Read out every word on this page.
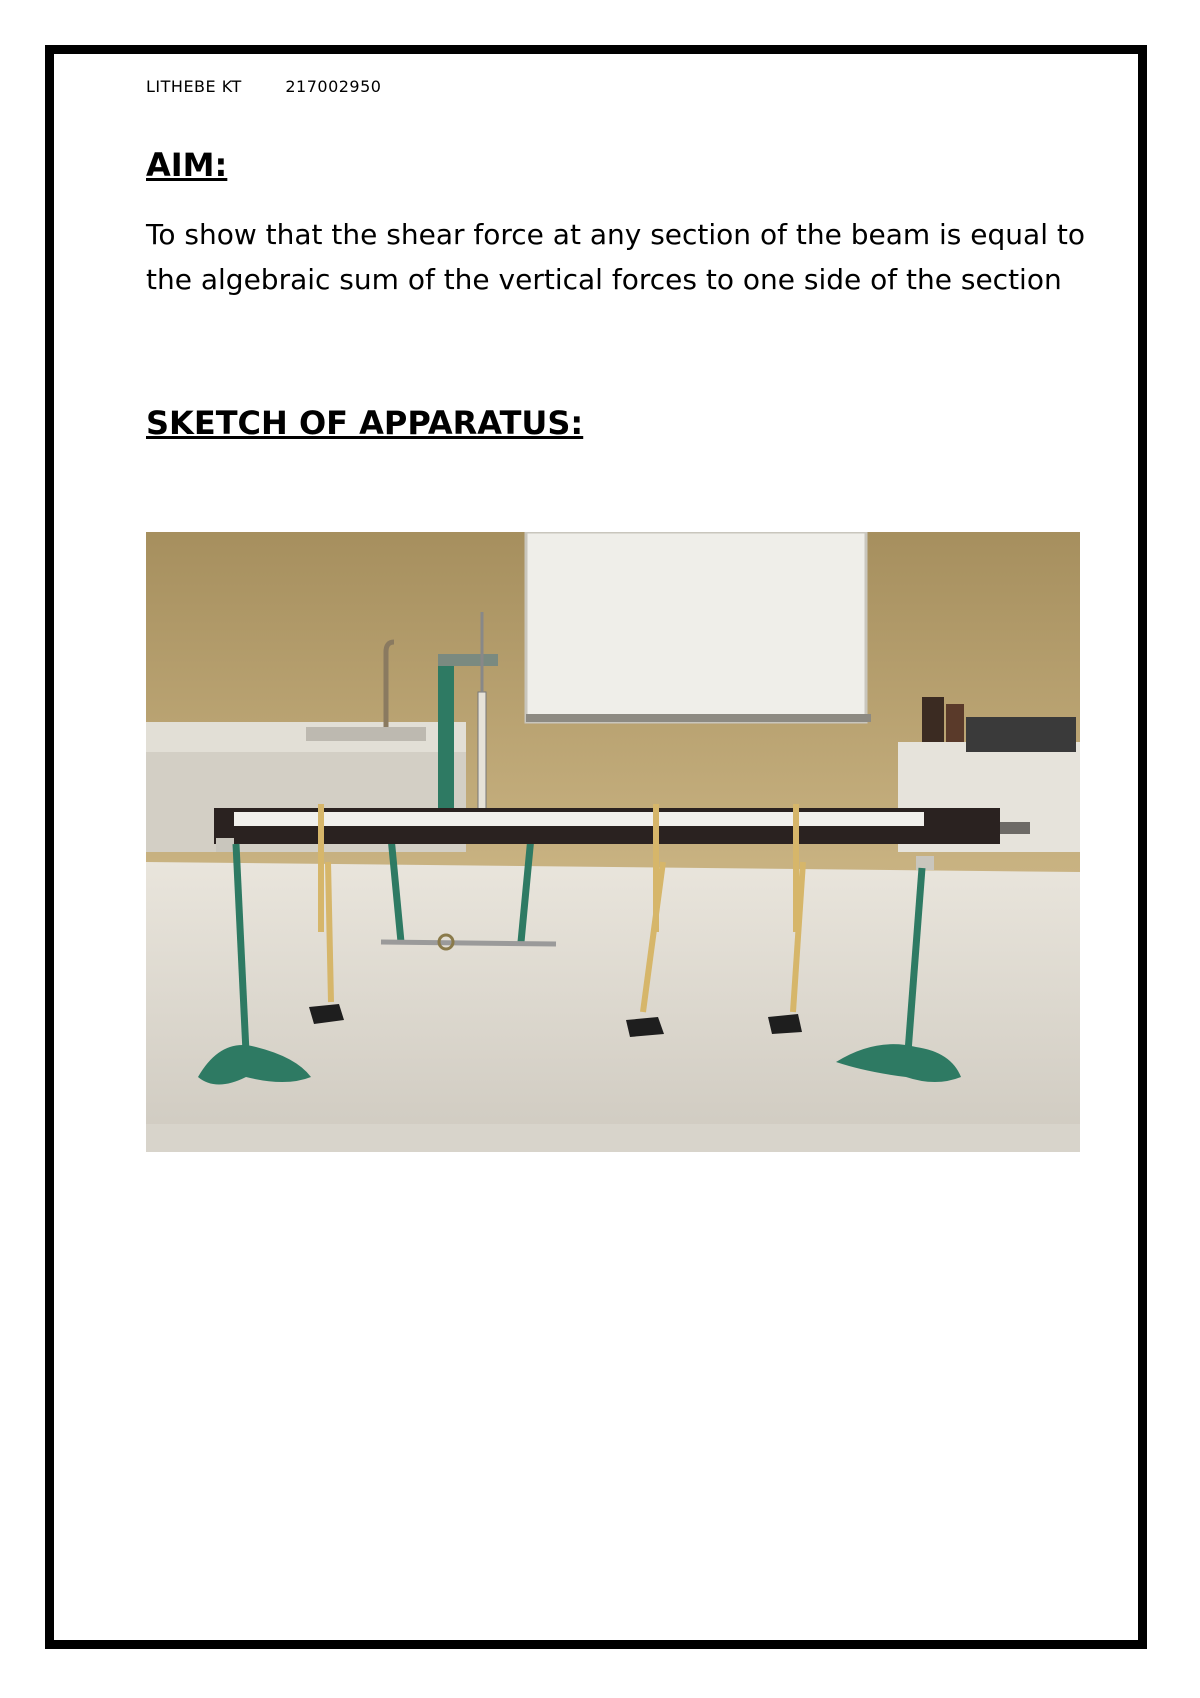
LITHEBE KT	217002950
AIM:

To show that the shear force at any section of the beam is equal to the algebraic sum of the vertical forces to one side of the section

SKETCH OF APPARATUS:
